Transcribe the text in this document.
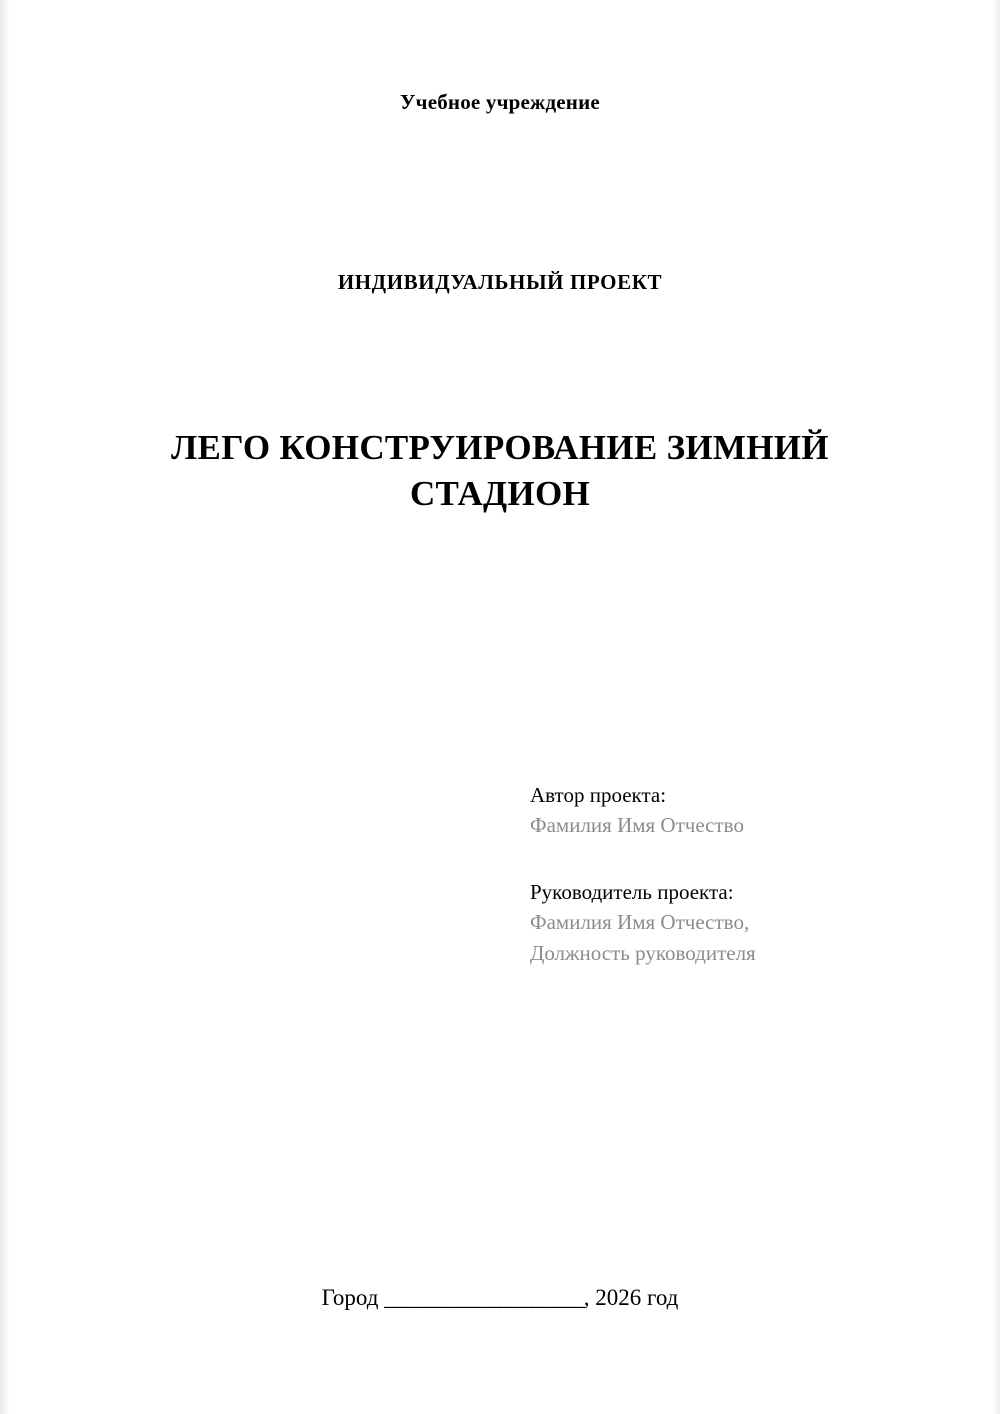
Учебное учреждение
ИНДИВИДУАЛЬНЫЙ ПРОЕКТ
ЛЕГО КОНСТРУИРОВАНИЕ ЗИМНИЙ СТАДИОН

Автор проекта:

Фамилия Имя Отчество

Руководитель проекта:

Фамилия Имя Отчество,

Должность руководителя

Город ___________________, 2026 год
